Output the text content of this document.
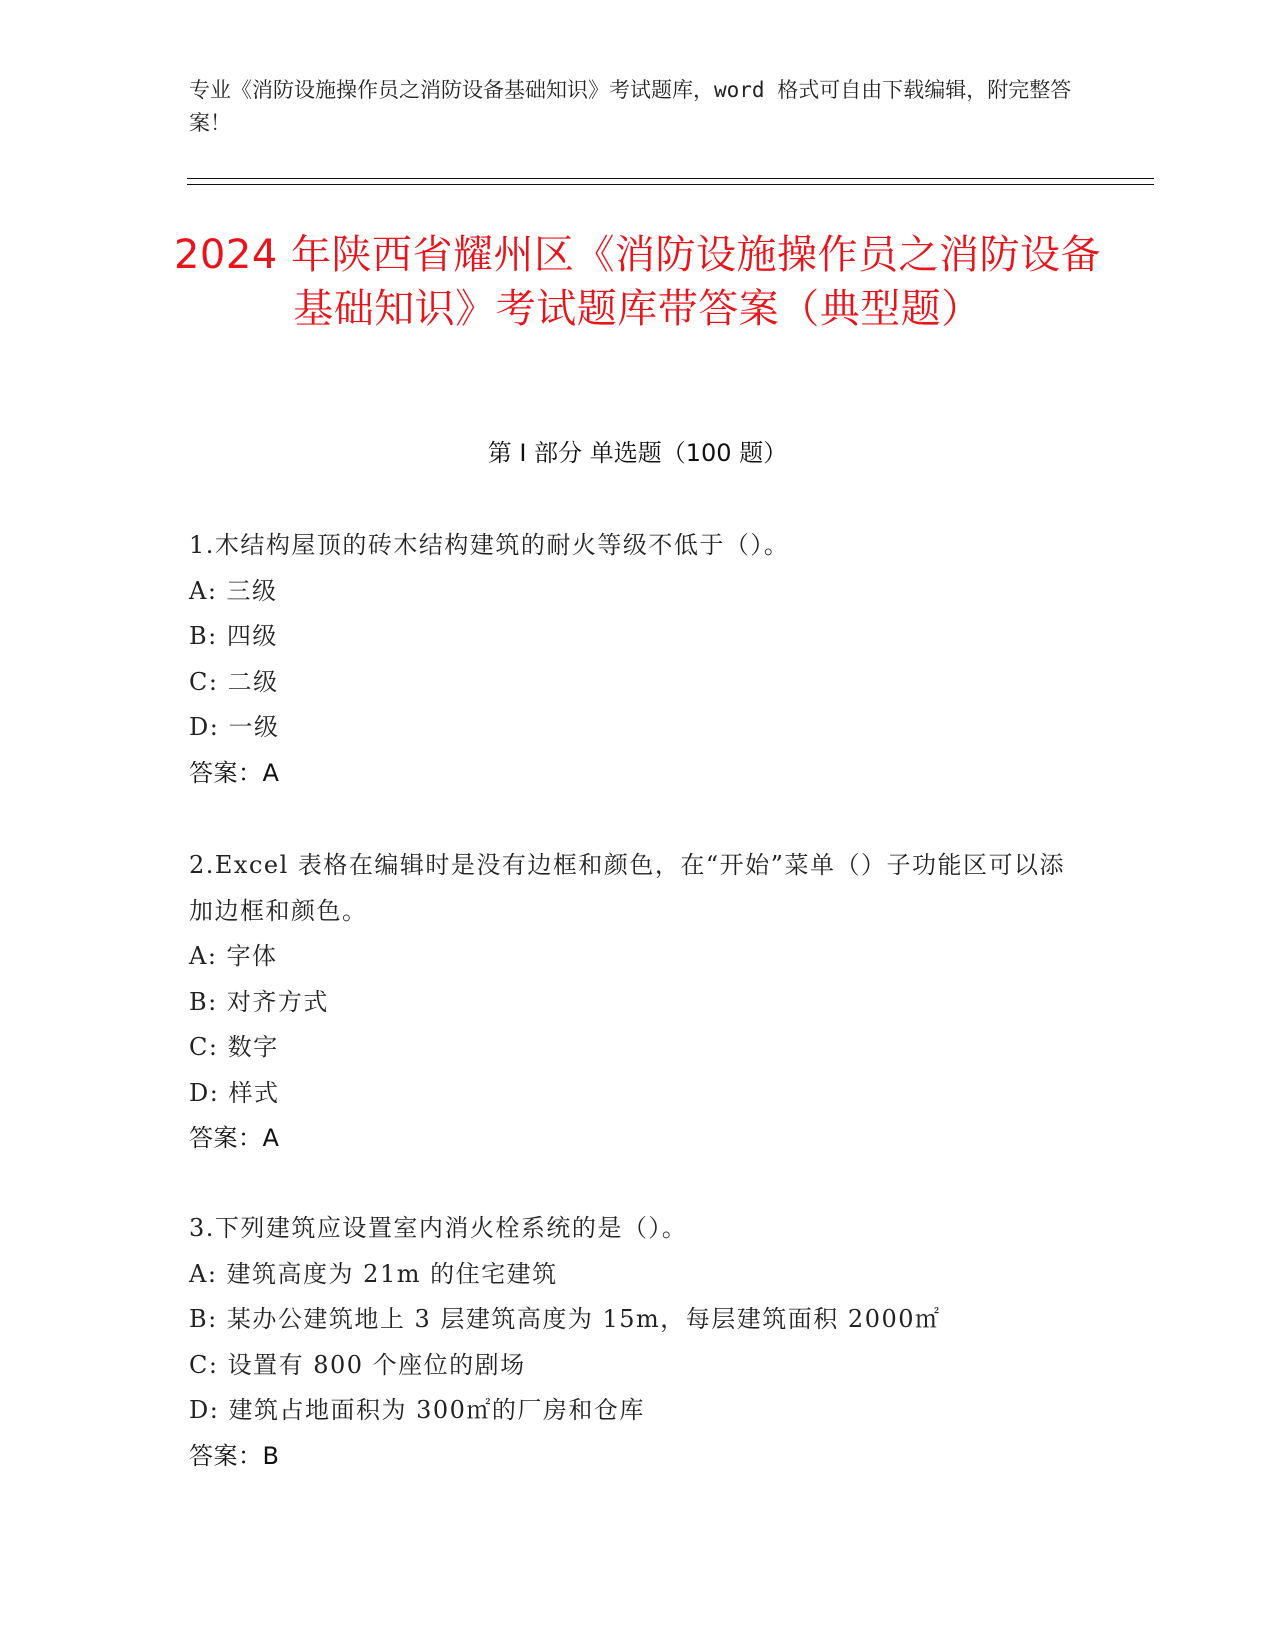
专业《消防设施操作员之消防设备基础知识》考试题库，word 格式可自由下载编辑，附完整答案！
2024 年陕西省耀州区《消防设施操作员之消防设备基础知识》考试题库带答案（典型题）
第 I 部分 单选题（100 题）
1.木结构屋顶的砖木结构建筑的耐火等级不低于（）。
A: 三级
B: 四级
C: 二级
D: 一级
答案：A
2.Excel 表格在编辑时是没有边框和颜色，在“开始”菜单（）子功能区可以添加边框和颜色。
A: 字体
B: 对齐方式
C: 数字
D: 样式
答案：A
3.下列建筑应设置室内消火栓系统的是（）。
A: 建筑高度为 21m 的住宅建筑
B: 某办公建筑地上 3 层建筑高度为 15m，每层建筑面积 2000㎡
C: 设置有 800 个座位的剧场
D: 建筑占地面积为 300㎡的厂房和仓库
答案：B
